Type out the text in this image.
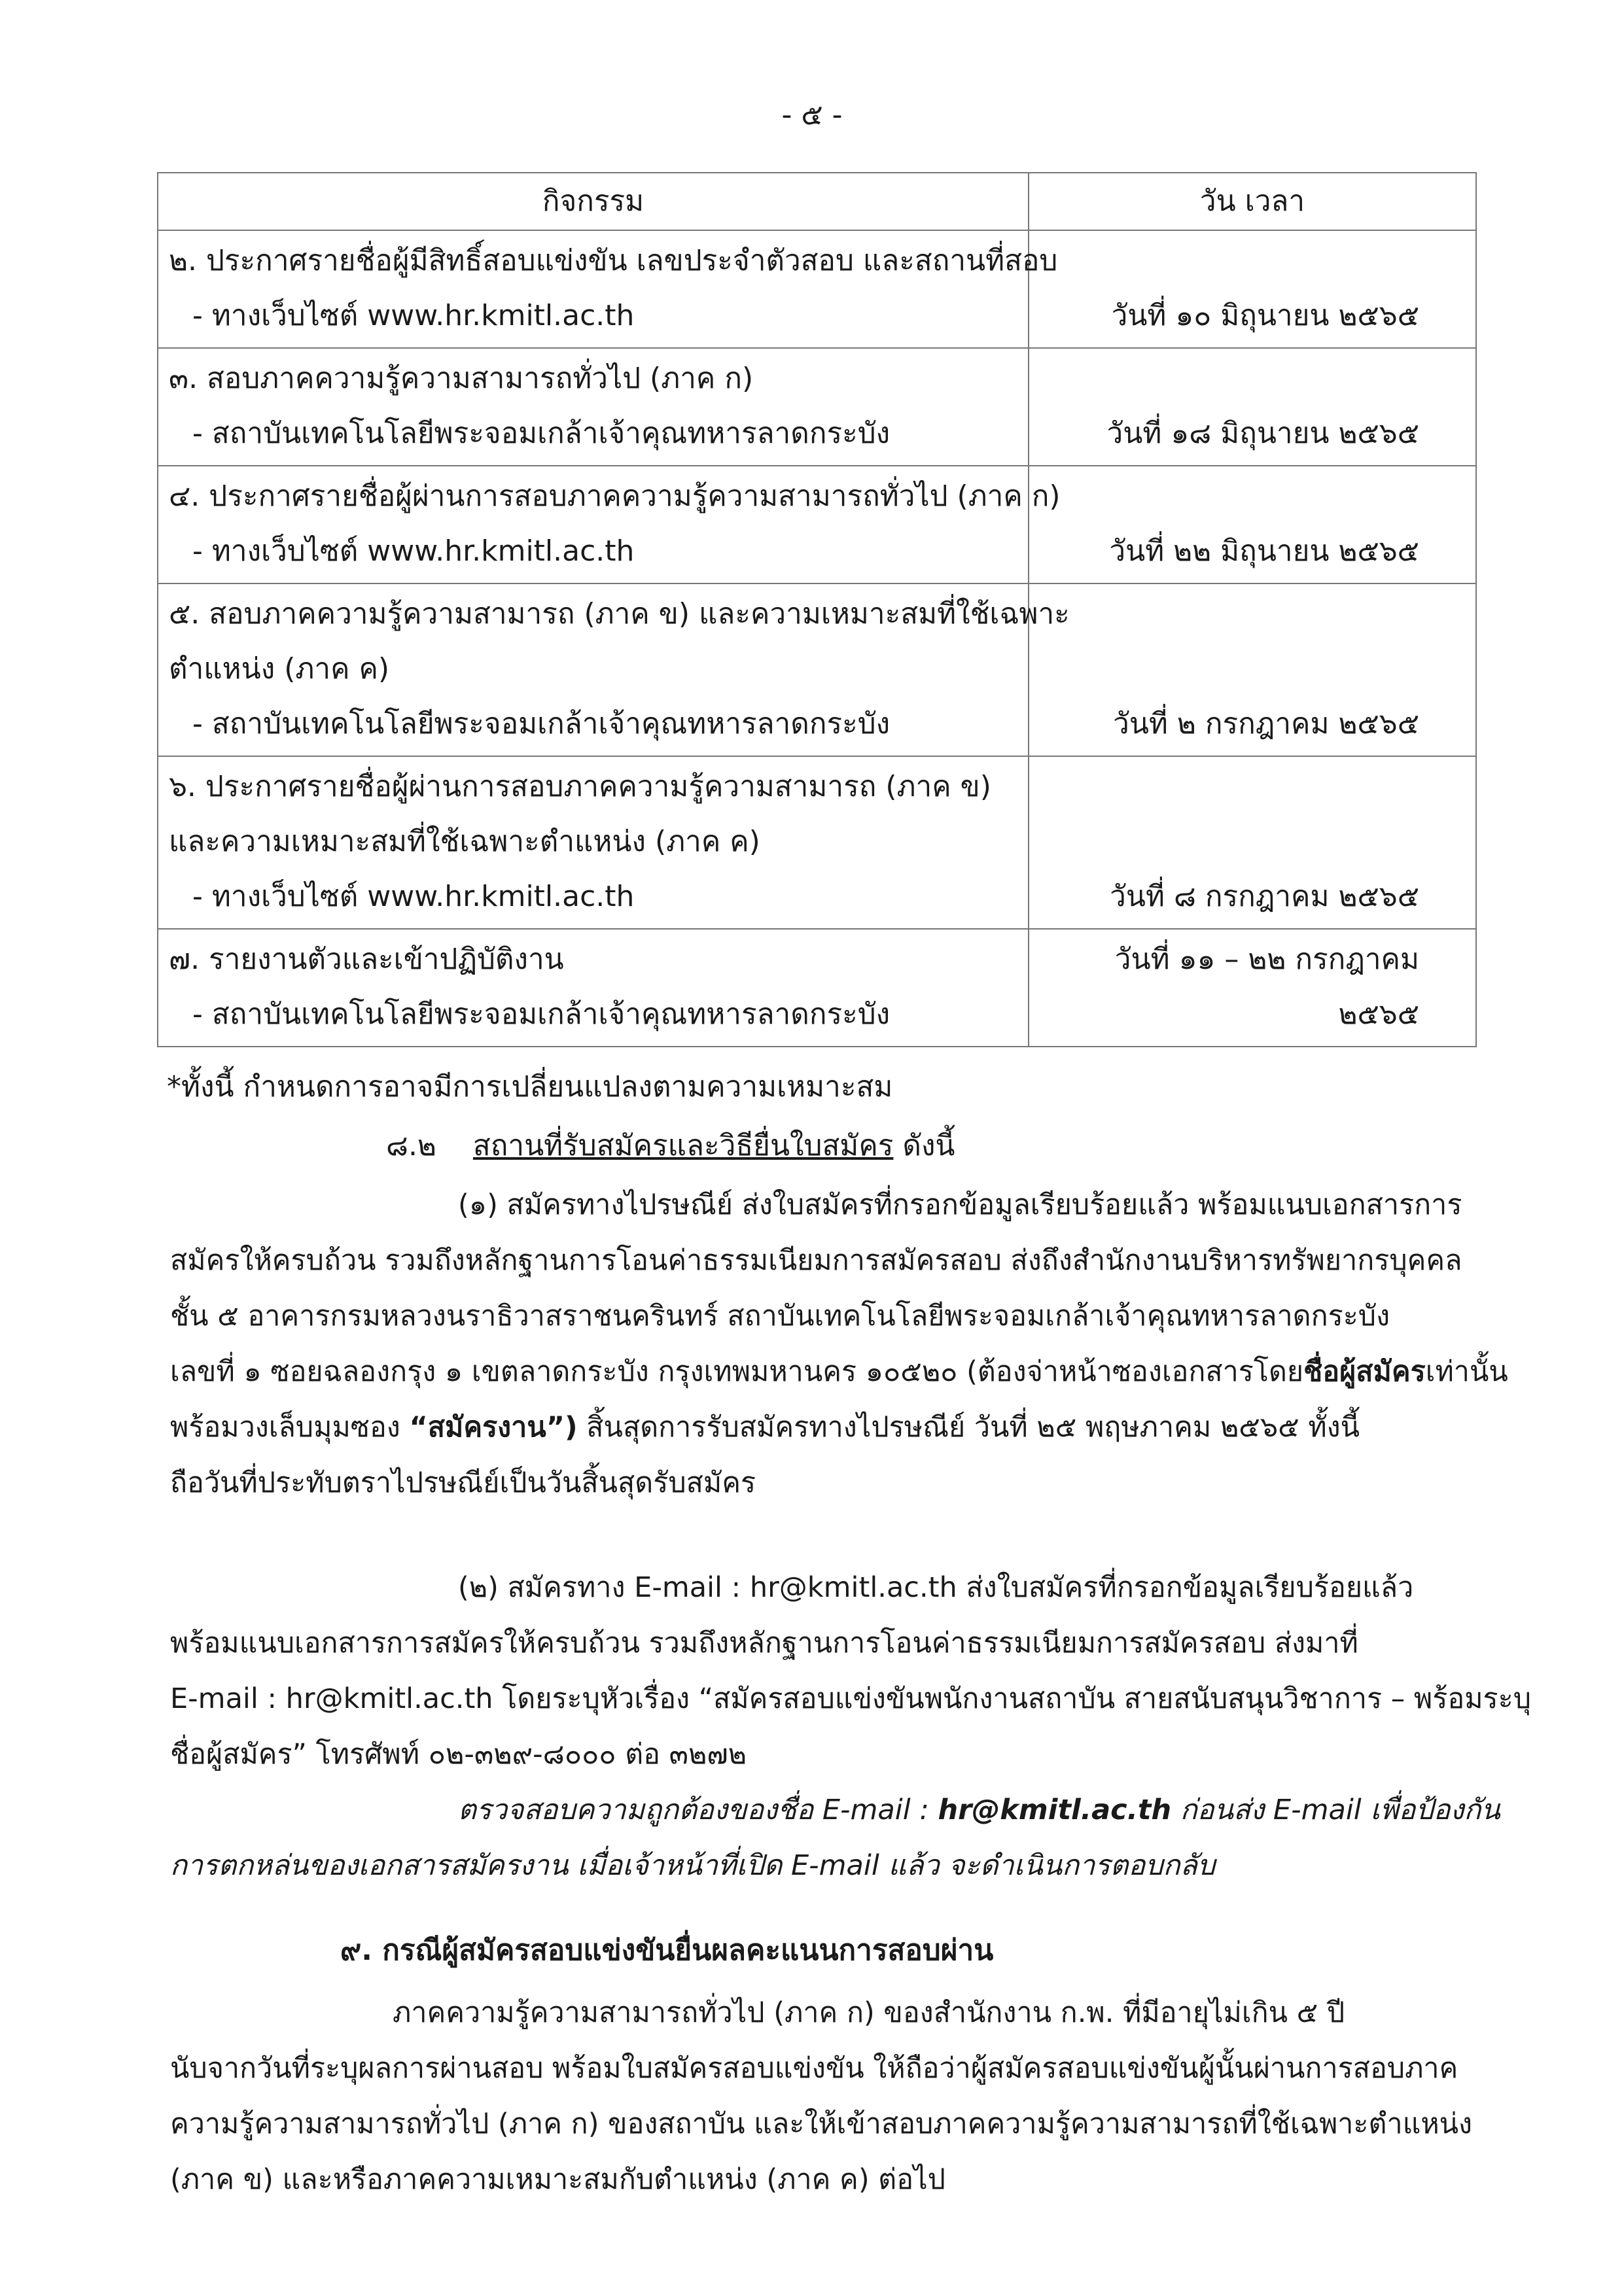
- ๕ -
กิจกรรม	วัน เวลา

๒. ประกาศรายชื่อผู้มีสิทธิ์สอบแข่งขัน เลขประจำตัวสอบ และสถานที่สอบ
- ทางเว็บไซต์ www.hr.kmitl.ac.th	วันที่ ๑๐ มิถุนายน ๒๕๖๕

๓. สอบภาคความรู้ความสามารถทั่วไป (ภาค ก)
- สถาบันเทคโนโลยีพระจอมเกล้าเจ้าคุณทหารลาดกระบัง	วันที่ ๑๘ มิถุนายน ๒๕๖๕

๔. ประกาศรายชื่อผู้ผ่านการสอบภาคความรู้ความสามารถทั่วไป (ภาค ก)
- ทางเว็บไซต์ www.hr.kmitl.ac.th	วันที่ ๒๒ มิถุนายน ๒๕๖๕

๕. สอบภาคความรู้ความสามารถ (ภาค ข) และความเหมาะสมที่ใช้เฉพาะ
ตำแหน่ง (ภาค ค)
- สถาบันเทคโนโลยีพระจอมเกล้าเจ้าคุณทหารลาดกระบัง	วันที่ ๒ กรกฎาคม ๒๕๖๕

๖. ประกาศรายชื่อผู้ผ่านการสอบภาคความรู้ความสามารถ (ภาค ข)
และความเหมาะสมที่ใช้เฉพาะตำแหน่ง (ภาค ค)
- ทางเว็บไซต์ www.hr.kmitl.ac.th	วันที่ ๘ กรกฎาคม ๒๕๖๕

๗. รายงานตัวและเข้าปฏิบัติงาน
- สถาบันเทคโนโลยีพระจอมเกล้าเจ้าคุณทหารลาดกระบัง	วันที่ ๑๑ – ๒๒ กรกฎาคม ๒๕๖๕
*ทั้งนี้ กำหนดการอาจมีการเปลี่ยนแปลงตามความเหมาะสม
๘.๒ สถานที่รับสมัครและวิธียื่นใบสมัคร ดังนี้
(๑) สมัครทางไปรษณีย์ ส่งใบสมัครที่กรอกข้อมูลเรียบร้อยแล้ว พร้อมแนบเอกสารการ
สมัครให้ครบถ้วน รวมถึงหลักฐานการโอนค่าธรรมเนียมการสมัครสอบ ส่งถึงสำนักงานบริหารทรัพยากรบุคคล
ชั้น ๕ อาคารกรมหลวงนราธิวาสราชนครินทร์ สถาบันเทคโนโลยีพระจอมเกล้าเจ้าคุณทหารลาดกระบัง
เลขที่ ๑ ซอยฉลองกรุง ๑ เขตลาดกระบัง กรุงเทพมหานคร ๑๐๕๒๐ (ต้องจ่าหน้าซองเอกสารโดยชื่อผู้สมัครเท่านั้น
พร้อมวงเล็บมุมซอง “สมัครงาน”) สิ้นสุดการรับสมัครทางไปรษณีย์ วันที่ ๒๕ พฤษภาคม ๒๕๖๕ ทั้งนี้
ถือวันที่ประทับตราไปรษณีย์เป็นวันสิ้นสุดรับสมัคร
(๒) สมัครทาง E-mail : hr@kmitl.ac.th ส่งใบสมัครที่กรอกข้อมูลเรียบร้อยแล้ว
พร้อมแนบเอกสารการสมัครให้ครบถ้วน รวมถึงหลักฐานการโอนค่าธรรมเนียมการสมัครสอบ ส่งมาที่
E-mail : hr@kmitl.ac.th โดยระบุหัวเรื่อง “สมัครสอบแข่งขันพนักงานสถาบัน สายสนับสนุนวิชาการ – พร้อมระบุ
ชื่อผู้สมัคร” โทรศัพท์ ๐๒-๓๒๙-๘๐๐๐ ต่อ ๓๒๗๒
ตรวจสอบความถูกต้องของชื่อ E-mail : hr@kmitl.ac.th ก่อนส่ง E-mail เพื่อป้องกัน
การตกหล่นของเอกสารสมัครงาน เมื่อเจ้าหน้าที่เปิด E-mail แล้ว จะดำเนินการตอบกลับ
๙. กรณีผู้สมัครสอบแข่งขันยื่นผลคะแนนการสอบผ่าน
ภาคความรู้ความสามารถทั่วไป (ภาค ก) ของสำนักงาน ก.พ. ที่มีอายุไม่เกิน ๕ ปี
นับจากวันที่ระบุผลการผ่านสอบ พร้อมใบสมัครสอบแข่งขัน ให้ถือว่าผู้สมัครสอบแข่งขันผู้นั้นผ่านการสอบภาค
ความรู้ความสามารถทั่วไป (ภาค ก) ของสถาบัน และให้เข้าสอบภาคความรู้ความสามารถที่ใช้เฉพาะตำแหน่ง
(ภาค ข) และหรือภาคความเหมาะสมกับตำแหน่ง (ภาค ค) ต่อไป
